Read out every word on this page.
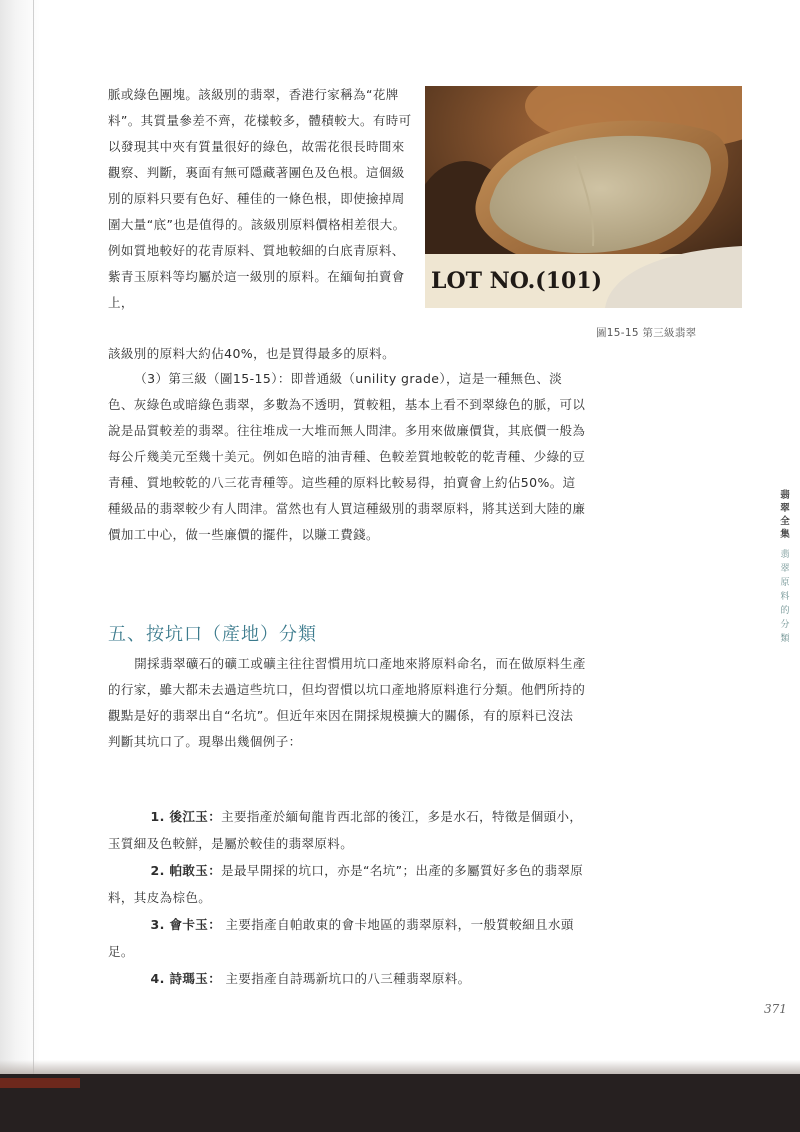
脈或綠色團塊。該級別的翡翠，香港行家稱為“花牌料”。其質量參差不齊，花樣較多，體積較大。有時可以發現其中夾有質量很好的綠色，故需花很長時間來觀察、判斷，裏面有無可隱藏著團色及色根。這個級別的原料只要有色好、種佳的一條色根，即使撿掉周圍大量“底”也是值得的。該級別原料價格相差很大。例如質地較好的花青原料、質地較細的白底青原料、紫青玉原料等均屬於這一級別的原料。在緬甸拍賣會上，
該級別的原料大約佔40%，也是買得最多的原料。
LOT NO.(101)
圖15-15 第三級翡翠
（3）第三級（圖15-15）：即普通級（unility grade），這是一種無色、淡色、灰綠色或暗綠色翡翠，多數為不透明，質較粗，基本上看不到翠綠色的脈，可以說是品質較差的翡翠。往往堆成一大堆而無人問津。多用來做廉價貨，其底價一般為每公斤幾美元至幾十美元。例如色暗的油青種、色較差質地較乾的乾青種、少綠的豆青種、質地較乾的八三花青種等。這些種的原料比較易得，拍賣會上約佔50%。這種級品的翡翠較少有人問津。當然也有人買這種級別的翡翠原料，將其送到大陸的廉價加工中心，做一些廉價的擺件，以賺工費錢。
五、按坑口（產地）分類
開採翡翠礦石的礦工或礦主往往習慣用坑口產地來將原料命名，而在做原料生產的行家，雖大都未去過這些坑口，但均習慣以坑口產地將原料進行分類。他們所持的觀點是好的翡翠出自“名坑”。但近年來因在開採規模擴大的關係，有的原料已沒法判斷其坑口了。現舉出幾個例子：
1. 後江玉：主要指產於緬甸龍肯西北部的後江，多是水石，特徵是個頭小，玉質細及色較鮮，是屬於較佳的翡翠原料。
2. 帕敢玉：是最早開採的坑口，亦是“名坑”；出產的多屬質好多色的翡翠原料，其皮為棕色。
3. 會卡玉： 主要指產自帕敢東的會卡地區的翡翠原料，一般質較細且水頭足。
4. 詩瑪玉： 主要指產自詩瑪新坑口的八三種翡翠原料。
翡翠全集
翡翠原料的分類
371
